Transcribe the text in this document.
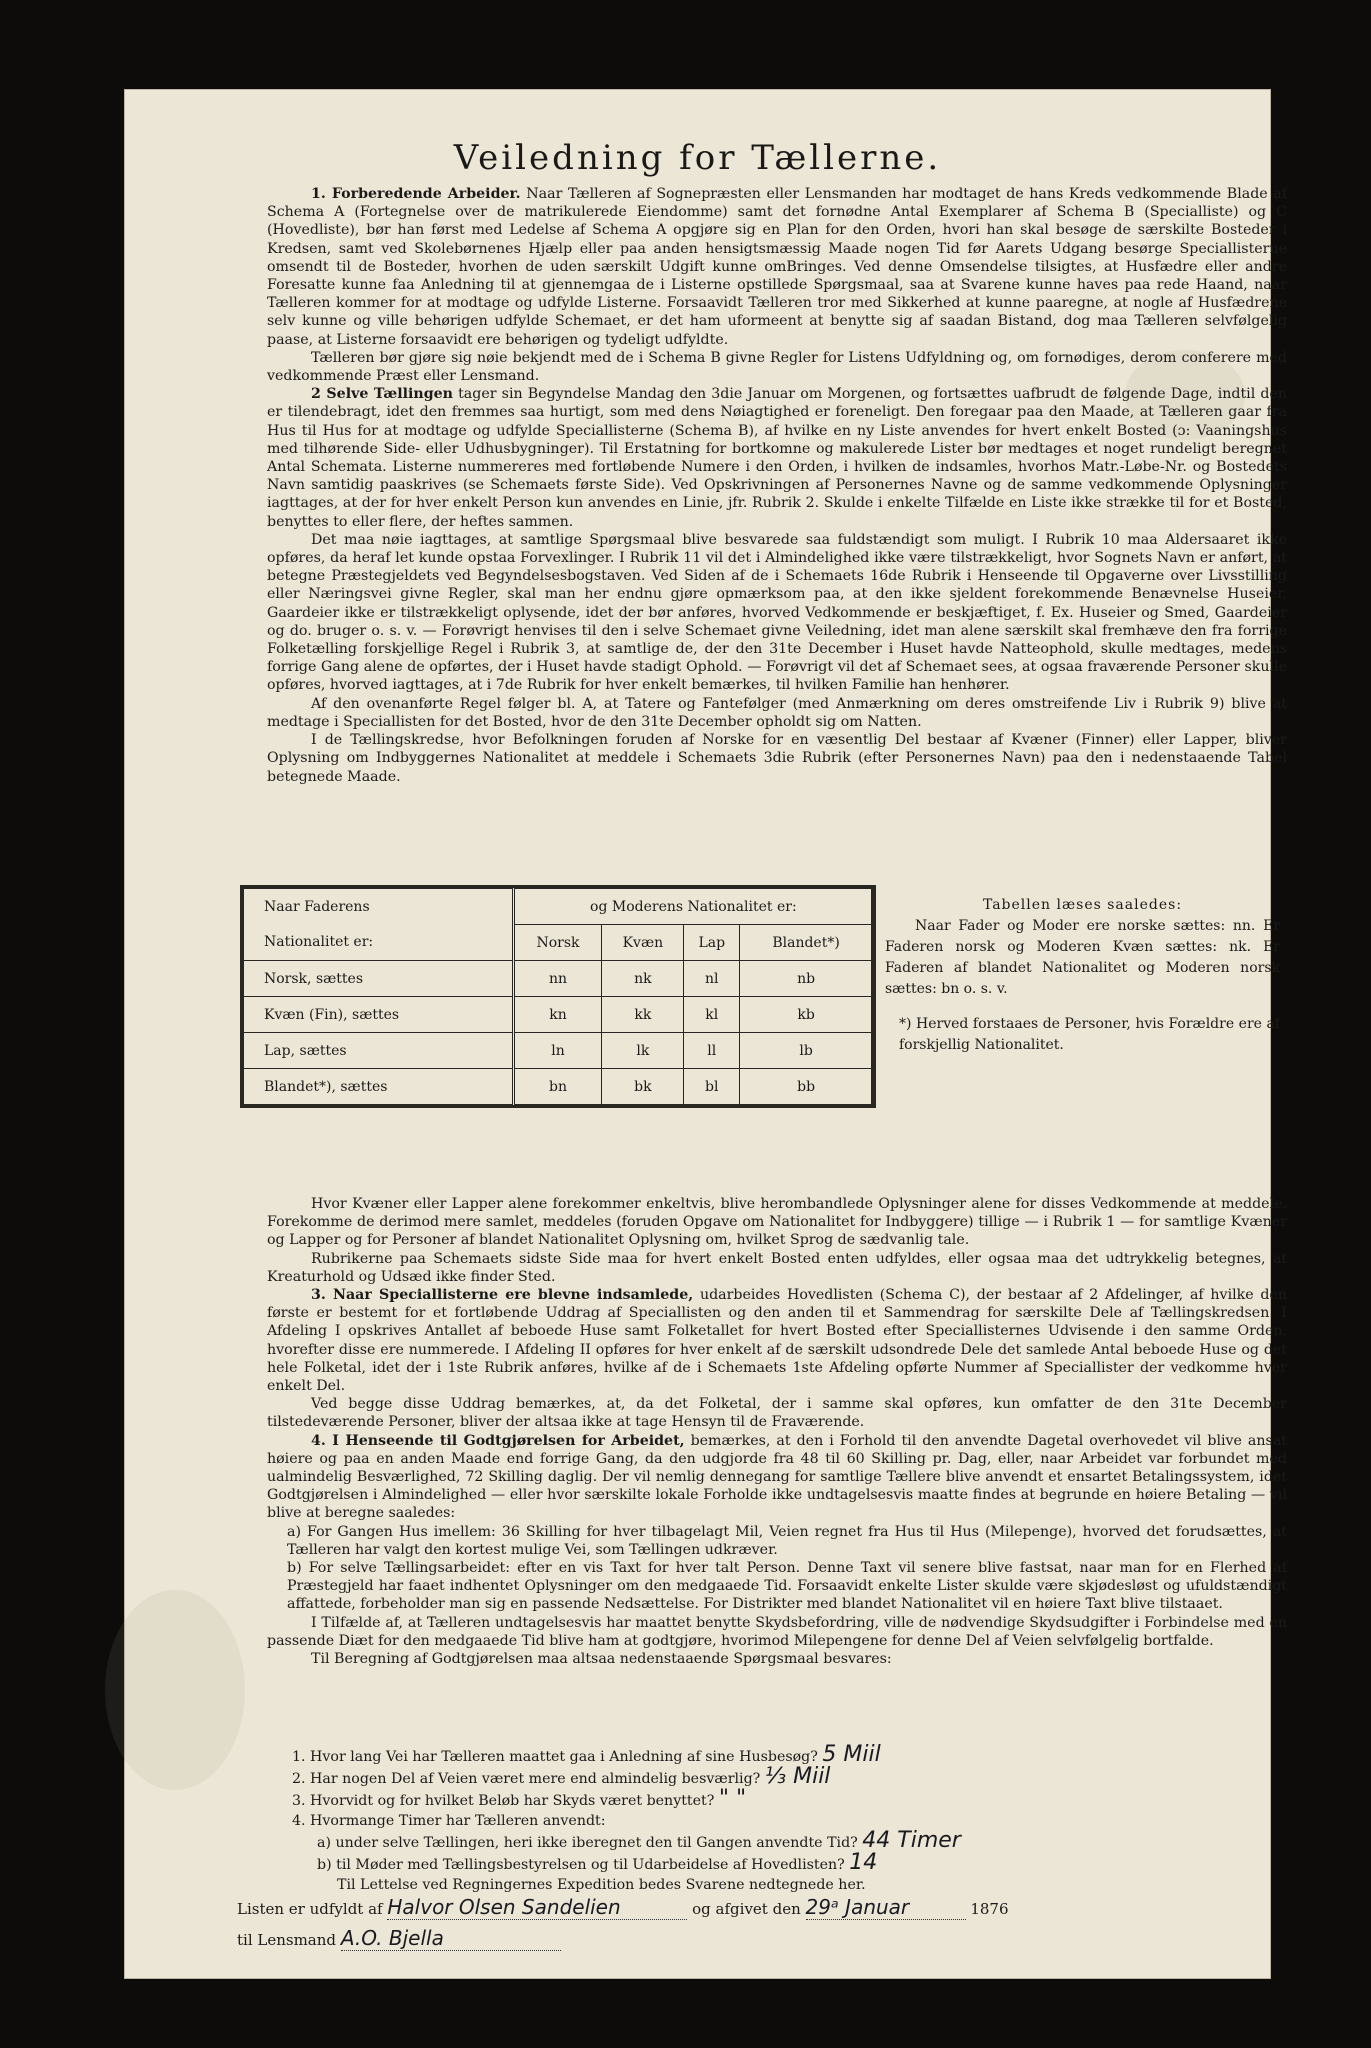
Veiledning for Tællerne.

1. Forberedende Arbeider. Naar Tælleren af Sognepræsten eller Lensmanden har modtaget de hans Kreds vedkommende Blade af Schema A (Fortegnelse over de matrikulerede Eiendomme) samt det fornødne Antal Exemplarer af Schema B (Specialliste) og C (Hovedliste), bør han først med Ledelse af Schema A opgjøre sig en Plan for den Orden, hvori han skal besøge de særskilte Bosteder i Kredsen, samt ved Skolebørnenes Hjælp eller paa anden hensigtsmæssig Maade nogen Tid før Aarets Udgang besørge Speciallisterne omsendt til de Bosteder, hvorhen de uden særskilt Udgift kunne omBringes. Ved denne Omsendelse tilsigtes, at Husfædre eller andre Foresatte kunne faa Anledning til at gjennemgaa de i Listerne opstillede Spørgsmaal, saa at Svarene kunne haves paa rede Haand, naar Tælleren kommer for at modtage og udfylde Listerne. Forsaavidt Tælleren tror med Sikkerhed at kunne paaregne, at nogle af Husfædrene selv kunne og ville behørigen udfylde Schemaet, er det ham uformeent at benytte sig af saadan Bistand, dog maa Tælleren selvfølgelig paase, at Listerne forsaavidt ere behørigen og tydeligt udfyldte.

Tælleren bør gjøre sig nøie bekjendt med de i Schema B givne Regler for Listens Udfyldning og, om fornødiges, derom conferere med vedkommende Præst eller Lensmand.

2 Selve Tællingen tager sin Begyndelse Mandag den 3die Januar om Morgenen, og fortsættes uafbrudt de følgende Dage, indtil den er tilendebragt, idet den fremmes saa hurtigt, som med dens Nøiagtighed er foreneligt. Den foregaar paa den Maade, at Tælleren gaar fra Hus til Hus for at modtage og udfylde Speciallisterne (Schema B), af hvilke en ny Liste anvendes for hvert enkelt Bosted (ɔ: Vaaningshus med tilhørende Side- eller Udhusbygninger). Til Erstatning for bortkomne og makulerede Lister bør medtages et noget rundeligt beregnet Antal Schemata. Listerne nummereres med fortløbende Numere i den Orden, i hvilken de indsamles, hvorhos Matr.-Løbe-Nr. og Bostedets Navn samtidig paaskrives (se Schemaets første Side). Ved Opskrivningen af Personernes Navne og de samme vedkommende Oplysninger iagttages, at der for hver enkelt Person kun anvendes en Linie, jfr. Rubrik 2. Skulde i enkelte Tilfælde en Liste ikke strække til for et Bosted, benyttes to eller flere, der heftes sammen.

Det maa nøie iagttages, at samtlige Spørgsmaal blive besvarede saa fuldstændigt som muligt. I Rubrik 10 maa Aldersaaret ikke opføres, da heraf let kunde opstaa Forvexlinger. I Rubrik 11 vil det i Almindelighed ikke være tilstrækkeligt, hvor Sognets Navn er anført, at betegne Præstegjeldets ved Begyndelsesbogstaven. Ved Siden af de i Schemaets 16de Rubrik i Henseende til Opgaverne over Livsstilling eller Næringsvei givne Regler, skal man her endnu gjøre opmærksom paa, at den ikke sjeldent forekommende Benævnelse Huseier, Gaardeier ikke er tilstrækkeligt oplysende, idet der bør anføres, hvorved Vedkommende er beskjæftiget, f. Ex. Huseier og Smed, Gaardeier og do. bruger o. s. v. — Forøvrigt henvises til den i selve Schemaet givne Veiledning, idet man alene særskilt skal fremhæve den fra forrige Folketælling forskjellige Regel i Rubrik 3, at samtlige de, der den 31te December i Huset havde Natteophold, skulle medtages, medens forrige Gang alene de opførtes, der i Huset havde stadigt Ophold. — Forøvrigt vil det af Schemaet sees, at ogsaa fraværende Personer skulle opføres, hvorved iagttages, at i 7de Rubrik for hver enkelt bemærkes, til hvilken Familie han henhører.

Af den ovenanførte Regel følger bl. A, at Tatere og Fantefølger (med Anmærkning om deres omstreifende Liv i Rubrik 9) blive at medtage i Speciallisten for det Bosted, hvor de den 31te December opholdt sig om Natten.

I de Tællingskredse, hvor Befolkningen foruden af Norske for en væsentlig Del bestaar af Kvæner (Finner) eller Lapper, bliver Oplysning om Indbyggernes Nationalitet at meddele i Schemaets 3die Rubrik (efter Personernes Navn) paa den i nedenstaaende Tabel betegnede Maade.

Naar Faderens	og Moderens Nationalitet er:			
Nationalitet er:	Norsk	Kvæn	Lap	Blandet*)
Norsk, sættes	nn	nk	nl	nb
Kvæn (Fin), sættes	kn	kk	kl	kb
Lap, sættes	ln	lk	ll	lb
Blandet*), sættes	bn	bk	bl	bb
Tabellen læses saaledes:
Naar Fader og Moder ere norske sættes: nn. Er Faderen norsk og Moderen Kvæn sættes: nk. Er Faderen af blandet Nationalitet og Moderen norsk sættes: bn o. s. v.
*) Herved forstaaes de Personer, hvis Forældre ere af forskjellig Nationalitet.

Hvor Kvæner eller Lapper alene forekommer enkeltvis, blive herombandlede Oplysninger alene for disses Vedkommende at meddele. Forekomme de derimod mere samlet, meddeles (foruden Opgave om Nationalitet for Indbyggere) tillige — i Rubrik 1 — for samtlige Kvæner og Lapper og for Personer af blandet Nationalitet Oplysning om, hvilket Sprog de sædvanlig tale.

Rubrikerne paa Schemaets sidste Side maa for hvert enkelt Bosted enten udfyldes, eller ogsaa maa det udtrykkelig betegnes, at Kreaturhold og Udsæd ikke finder Sted.

3. Naar Speciallisterne ere blevne indsamlede, udarbeides Hovedlisten (Schema C), der bestaar af 2 Afdelinger, af hvilke den første er bestemt for et fortløbende Uddrag af Speciallisten og den anden til et Sammendrag for særskilte Dele af Tællingskredsen. I Afdeling I opskrives Antallet af beboede Huse samt Folketallet for hvert Bosted efter Speciallisternes Udvisende i den samme Orden, hvorefter disse ere nummerede. I Afdeling II opføres for hver enkelt af de særskilt udsondrede Dele det samlede Antal beboede Huse og det hele Folketal, idet der i 1ste Rubrik anføres, hvilke af de i Schemaets 1ste Afdeling opførte Nummer af Speciallister der vedkomme hver enkelt Del.

Ved begge disse Uddrag bemærkes, at, da det Folketal, der i samme skal opføres, kun omfatter de den 31te December tilstedeværende Personer, bliver der altsaa ikke at tage Hensyn til de Fraværende.

4. I Henseende til Godtgjørelsen for Arbeidet, bemærkes, at den i Forhold til den anvendte Dagetal overhovedet vil blive ansat høiere og paa en anden Maade end forrige Gang, da den udgjorde fra 48 til 60 Skilling pr. Dag, eller, naar Arbeidet var forbundet med ualmindelig Besværlighed, 72 Skilling daglig. Der vil nemlig dennegang for samtlige Tællere blive anvendt et ensartet Betalingssystem, idet Godtgjørelsen i Almindelighed — eller hvor særskilte lokale Forholde ikke undtagelsesvis maatte findes at begrunde en høiere Betaling — vil blive at beregne saaledes:

a) For Gangen Hus imellem: 36 Skilling for hver tilbagelagt Mil, Veien regnet fra Hus til Hus (Milepenge), hvorved det forudsættes, at Tælleren har valgt den kortest mulige Vei, som Tællingen udkræver.

b) For selve Tællingsarbeidet: efter en vis Taxt for hver talt Person. Denne Taxt vil senere blive fastsat, naar man for en Flerhed af Præstegjeld har faaet indhentet Oplysninger om den medgaaede Tid. Forsaavidt enkelte Lister skulde være skjødesløst og ufuldstændigt affattede, forbeholder man sig en passende Nedsættelse. For Distrikter med blandet Nationalitet vil en høiere Taxt blive tilstaaet.

I Tilfælde af, at Tælleren undtagelsesvis har maattet benytte Skydsbefordring, ville de nødvendige Skydsudgifter i Forbindelse med en passende Diæt for den medgaaede Tid blive ham at godtgjøre, hvorimod Milepengene for denne Del af Veien selvfølgelig bortfalde.

Til Beregning af Godtgjørelsen maa altsaa nedenstaaende Spørgsmaal besvares:

1. Hvor lang Vei har Tælleren maattet gaa i Anledning af sine Husbesøg? 5 Miil

2. Har nogen Del af Veien været mere end almindelig besværlig? ⅓ Miil

3. Hvorvidt og for hvilket Beløb har Skyds været benyttet? " "

4. Hvormange Timer har Tælleren anvendt:

a) under selve Tællingen, heri ikke iberegnet den til Gangen anvendte Tid? 44 Timer

b) til Møder med Tællingsbestyrelsen og til Udarbeidelse af Hovedlisten? 14

Til Lettelse ved Regningernes Expedition bedes Svarene nedtegnede her.

Listen er udfyldt af Halvor Olsen Sandelien	og afgivet den 29ᵃ Januar	1876
til Lensmand A.O. Bjella
